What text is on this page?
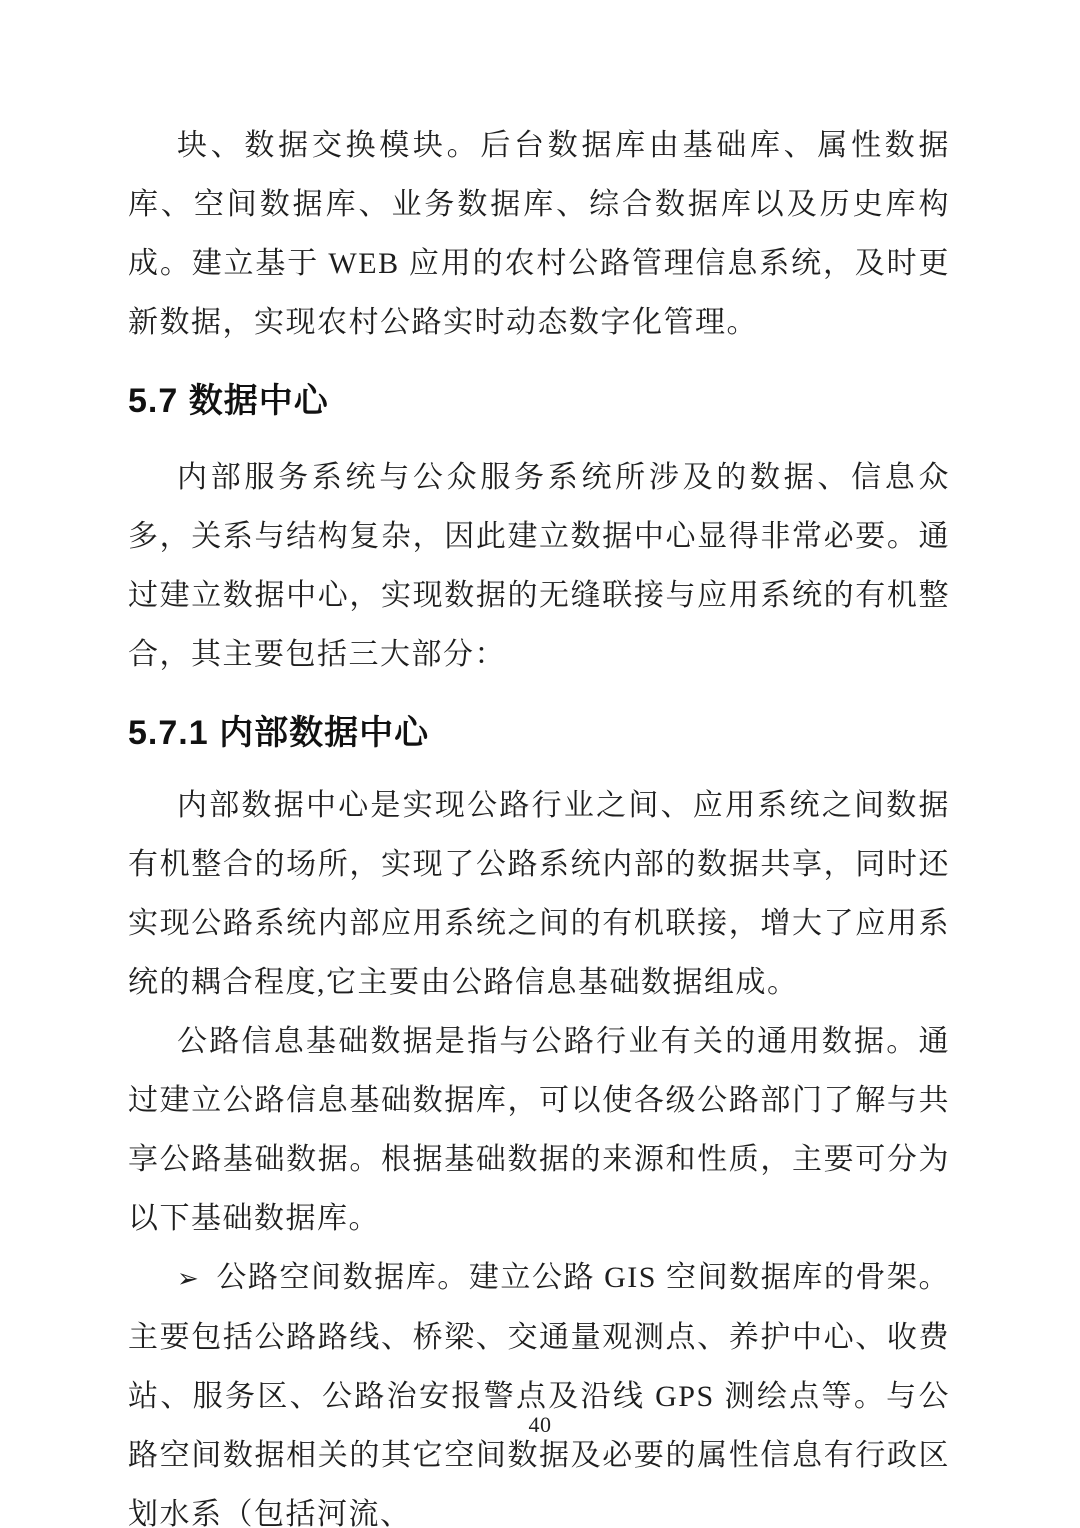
块、数据交换模块。后台数据库由基础库、属性数据库、空间数据库、业务数据库、综合数据库以及历史库构成。建立基于 WEB 应用的农村公路管理信息系统，及时更新数据，实现农村公路实时动态数字化管理。

5.7 数据中心

内部服务系统与公众服务系统所涉及的数据、信息众多，关系与结构复杂，因此建立数据中心显得非常必要。通过建立数据中心，实现数据的无缝联接与应用系统的有机整合，其主要包括三大部分：

5.7.1 内部数据中心

内部数据中心是实现公路行业之间、应用系统之间数据有机整合的场所，实现了公路系统内部的数据共享，同时还实现公路系统内部应用系统之间的有机联接，增大了应用系统的耦合程度,它主要由公路信息基础数据组成。

公路信息基础数据是指与公路行业有关的通用数据。通过建立公路信息基础数据库，可以使各级公路部门了解与共享公路基础数据。根据基础数据的来源和性质，主要可分为以下基础数据库。

➢ 公路空间数据库。建立公路 GIS 空间数据库的骨架。主要包括公路路线、桥梁、交通量观测点、养护中心、收费站、服务区、公路治安报警点及沿线 GPS 测绘点等。与公路空间数据相关的其它空间数据及必要的属性信息有行政区划水系（包括河流、

40
